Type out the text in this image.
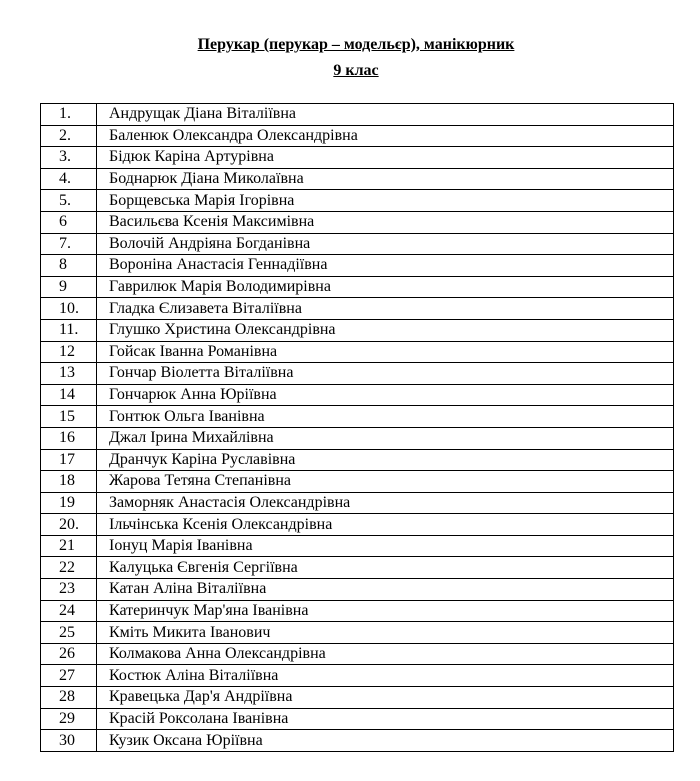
Перукар (перукар – модельєр), манікюрник
9 клас
1.	Андрущак Діана Віталіївна
2.	Баленюк Олександра Олександрівна
3.	Бідюк Каріна Артурівна
4.	Боднарюк Діана Миколаївна
5.	Борщевська Марія Ігорівна
6	Васильєва Ксенія Максимівна
7.	Волочій Андріяна Богданівна
8	Вороніна Анастасія Геннадіївна
9	Гаврилюк Марія Володимирівна
10.	Гладка Єлизавета Віталіївна
11.	Глушко Христина Олександрівна
12	Гойсак Іванна Романівна
13	Гончар Віолетта Віталіївна
14	Гончарюк Анна Юріївна
15	Гонтюк Ольга Іванівна
16	Джал Ірина Михайлівна
17	Дранчук Каріна Руславівна
18	Жарова Тетяна Степанівна
19	Заморняк Анастасія Олександрівна
20.	Ільчінська Ксенія Олександрівна
21	Іонуц Марія Іванівна
22	Калуцька Євгенія Сергіївна
23	Катан Аліна Віталіївна
24	Катеринчук Мар'яна Іванівна
25	Кміть Микита Іванович
26	Колмакова Анна Олександрівна
27	Костюк Аліна Віталіївна
28	Кравецька Дар'я Андріївна
29	Красій Роксолана Іванівна
30	Кузик Оксана Юріївна
